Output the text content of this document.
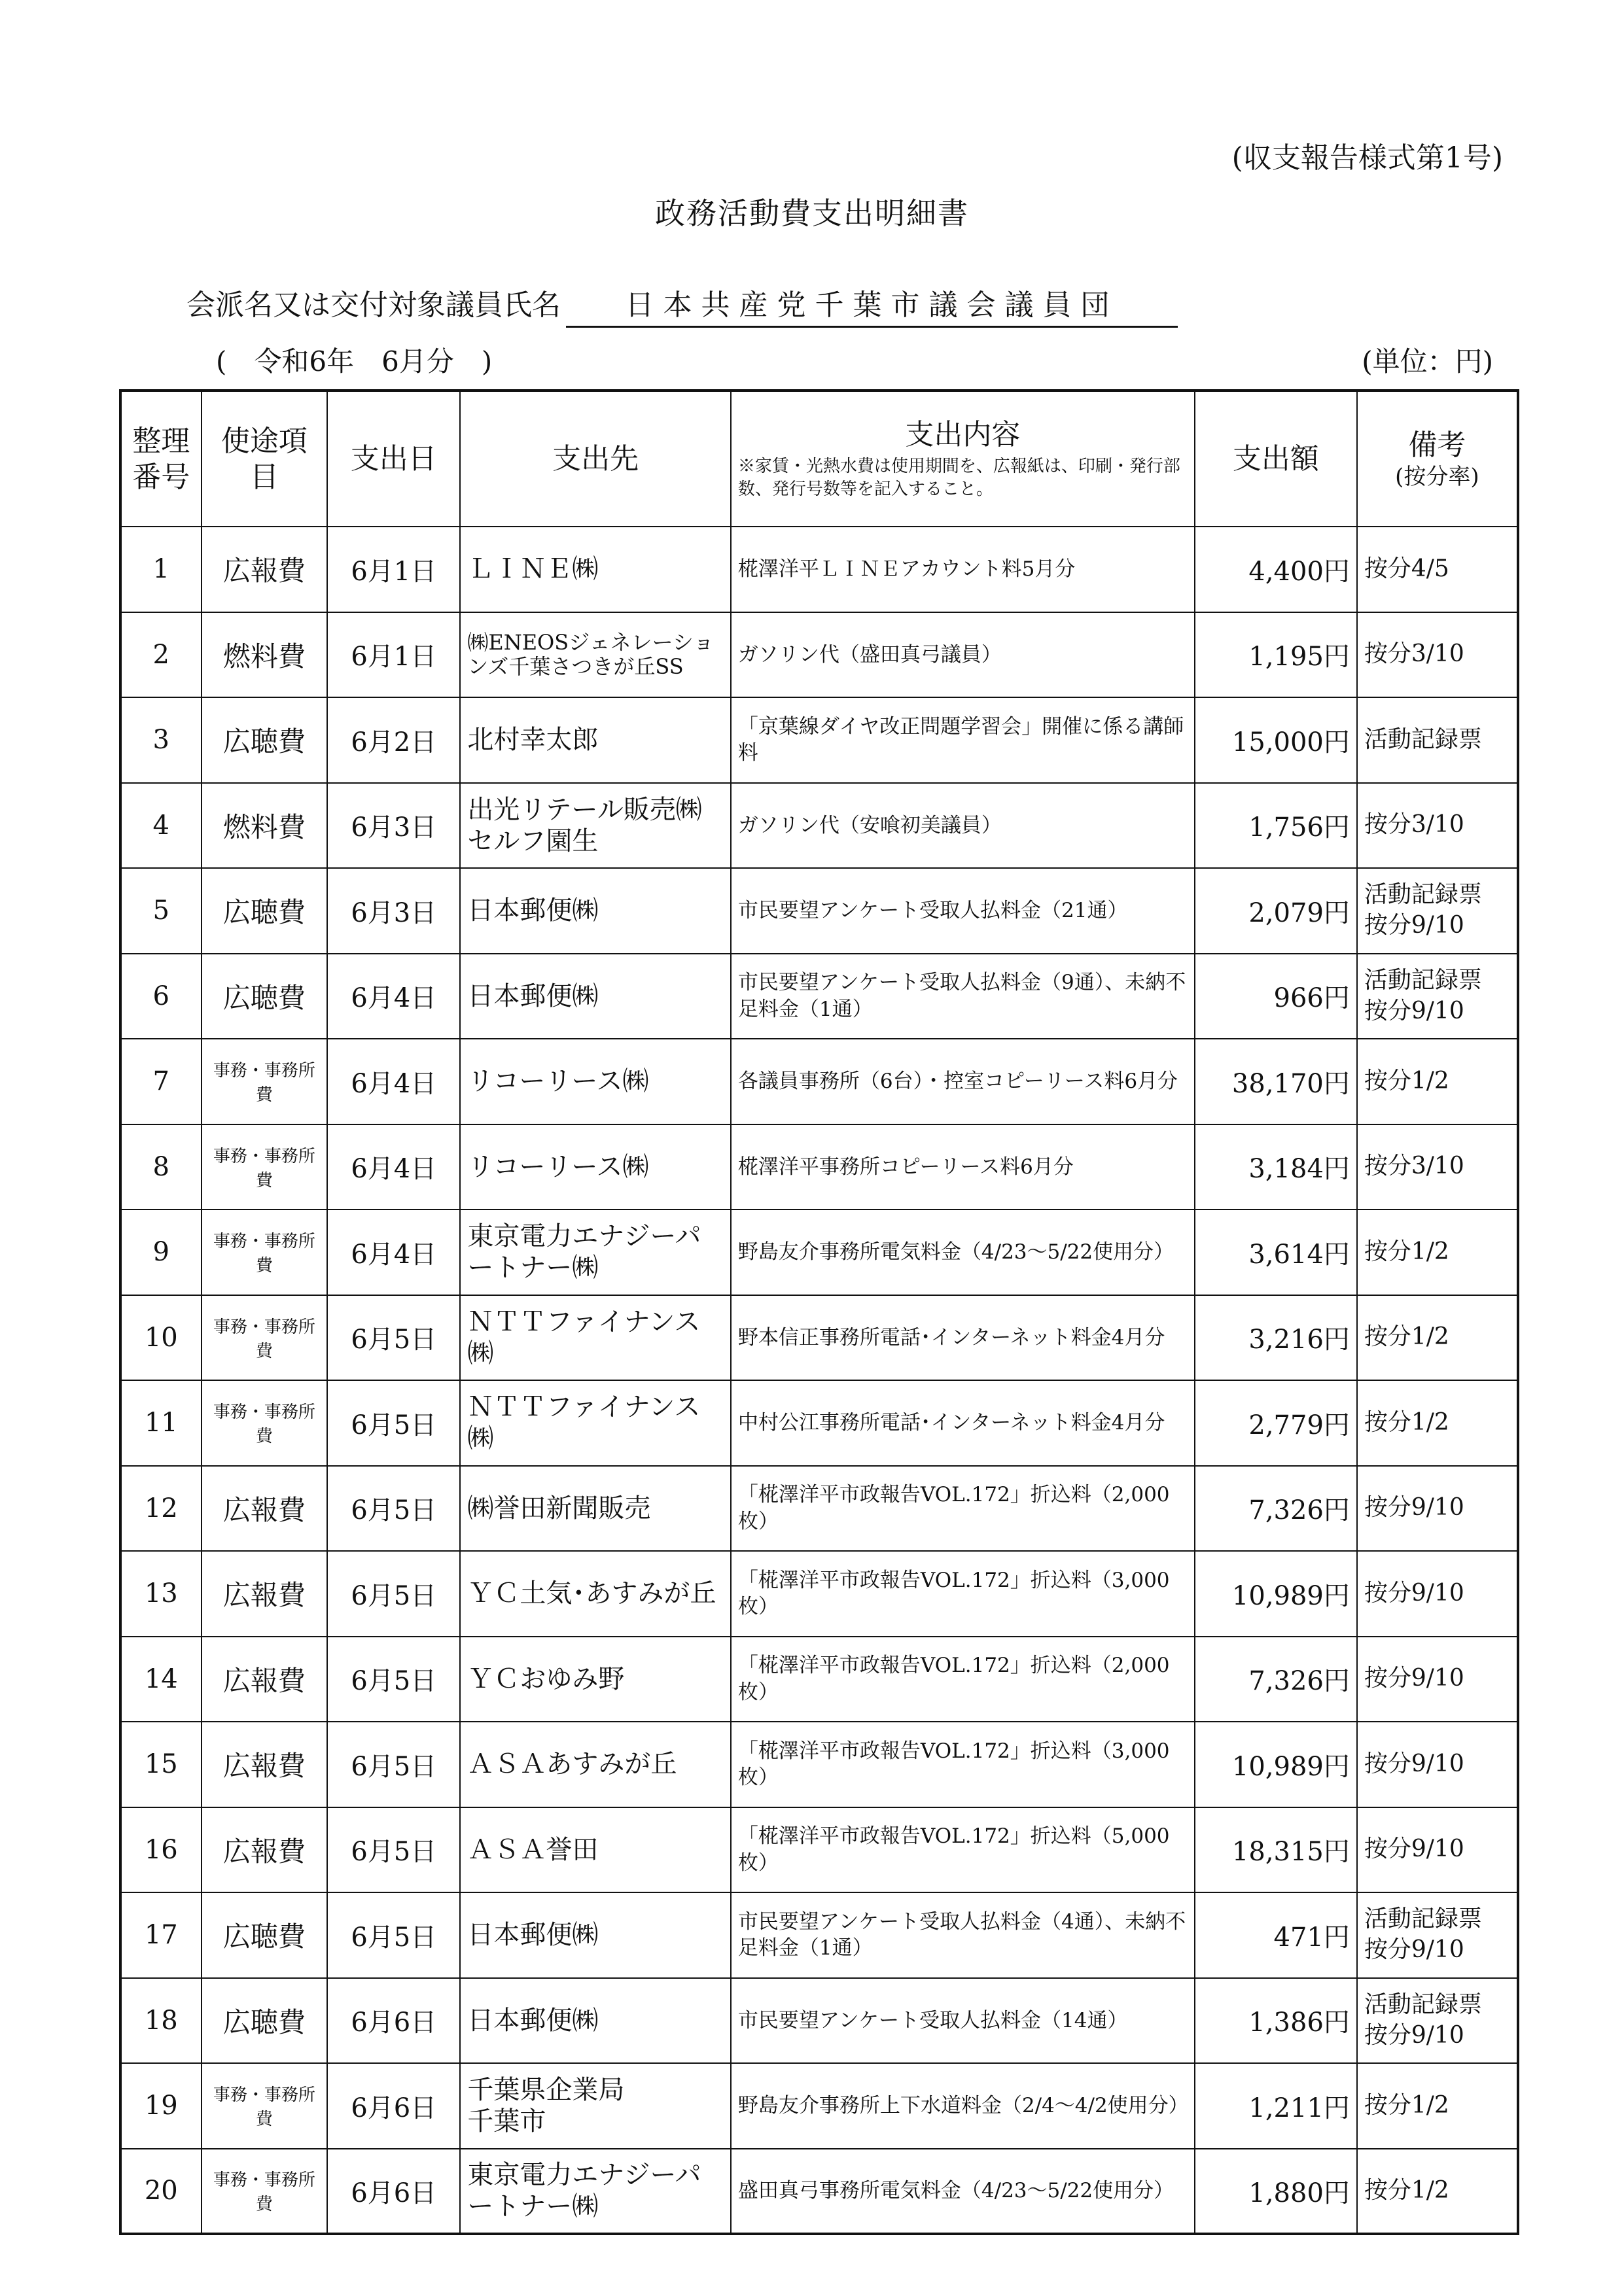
(収支報告様式第1号)
政務活動費支出明細書
会派名又は交付対象議員氏名	日本共産党千葉市議会議員団
(　令和6年　6月分　)	(単位：円)
整理番号	使途項目	支出日	支出先	支出内容
※家賃・光熱水費は使用期間を、広報紙は、印刷・発行部数、発行号数等を記入すること。	支出額	備考
(按分率)

1	広報費	6月1日	ＬＩＮＥ㈱	椛澤洋平ＬＩＮＥアカウント料5月分	4,400円	按分4/5
2	燃料費	6月1日	㈱ENEOSジェネレーションズ千葉さつきが丘SS	ガソリン代（盛田真弓議員）	1,195円	按分3/10
3	広聴費	6月2日	北村幸太郎	「京葉線ダイヤ改正問題学習会」開催に係る講師料	15,000円	活動記録票
4	燃料費	6月3日	出光リテール販売㈱セルフ園生	ガソリン代（安喰初美議員）	1,756円	按分3/10
5	広聴費	6月3日	日本郵便㈱	市民要望アンケート受取人払料金（21通）	2,079円	活動記録票
按分9/10
6	広聴費	6月4日	日本郵便㈱	市民要望アンケート受取人払料金（9通）、未納不足料金（1通）	966円	活動記録票
按分9/10
7	事務・事務所費	6月4日	リコーリース㈱	各議員事務所（6台）・控室コピーリース料6月分	38,170円	按分1/2
8	事務・事務所費	6月4日	リコーリース㈱	椛澤洋平事務所コピーリース料6月分	3,184円	按分3/10
9	事務・事務所費	6月4日	東京電力エナジーパートナー㈱	野島友介事務所電気料金（4/23〜5/22使用分）	3,614円	按分1/2
10	事務・事務所費	6月5日	ＮＴＴファイナンス㈱	野本信正事務所電話･インターネット料金4月分	3,216円	按分1/2
11	事務・事務所費	6月5日	ＮＴＴファイナンス㈱	中村公江事務所電話･インターネット料金4月分	2,779円	按分1/2
12	広報費	6月5日	㈱誉田新聞販売	「椛澤洋平市政報告VOL.172」折込料（2,000枚）	7,326円	按分9/10
13	広報費	6月5日	ＹＣ土気･あすみが丘	「椛澤洋平市政報告VOL.172」折込料（3,000枚）	10,989円	按分9/10
14	広報費	6月5日	ＹＣおゆみ野	「椛澤洋平市政報告VOL.172」折込料（2,000枚）	7,326円	按分9/10
15	広報費	6月5日	ＡＳＡあすみが丘	「椛澤洋平市政報告VOL.172」折込料（3,000枚）	10,989円	按分9/10
16	広報費	6月5日	ＡＳＡ誉田	「椛澤洋平市政報告VOL.172」折込料（5,000枚）	18,315円	按分9/10
17	広聴費	6月5日	日本郵便㈱	市民要望アンケート受取人払料金（4通）、未納不足料金（1通）	471円	活動記録票
按分9/10
18	広聴費	6月6日	日本郵便㈱	市民要望アンケート受取人払料金（14通）	1,386円	活動記録票
按分9/10
19	事務・事務所費	6月6日	千葉県企業局
千葉市	野島友介事務所上下水道料金（2/4〜4/2使用分）	1,211円	按分1/2
20	事務・事務所費	6月6日	東京電力エナジーパートナー㈱	盛田真弓事務所電気料金（4/23〜5/22使用分）	1,880円	按分1/2
